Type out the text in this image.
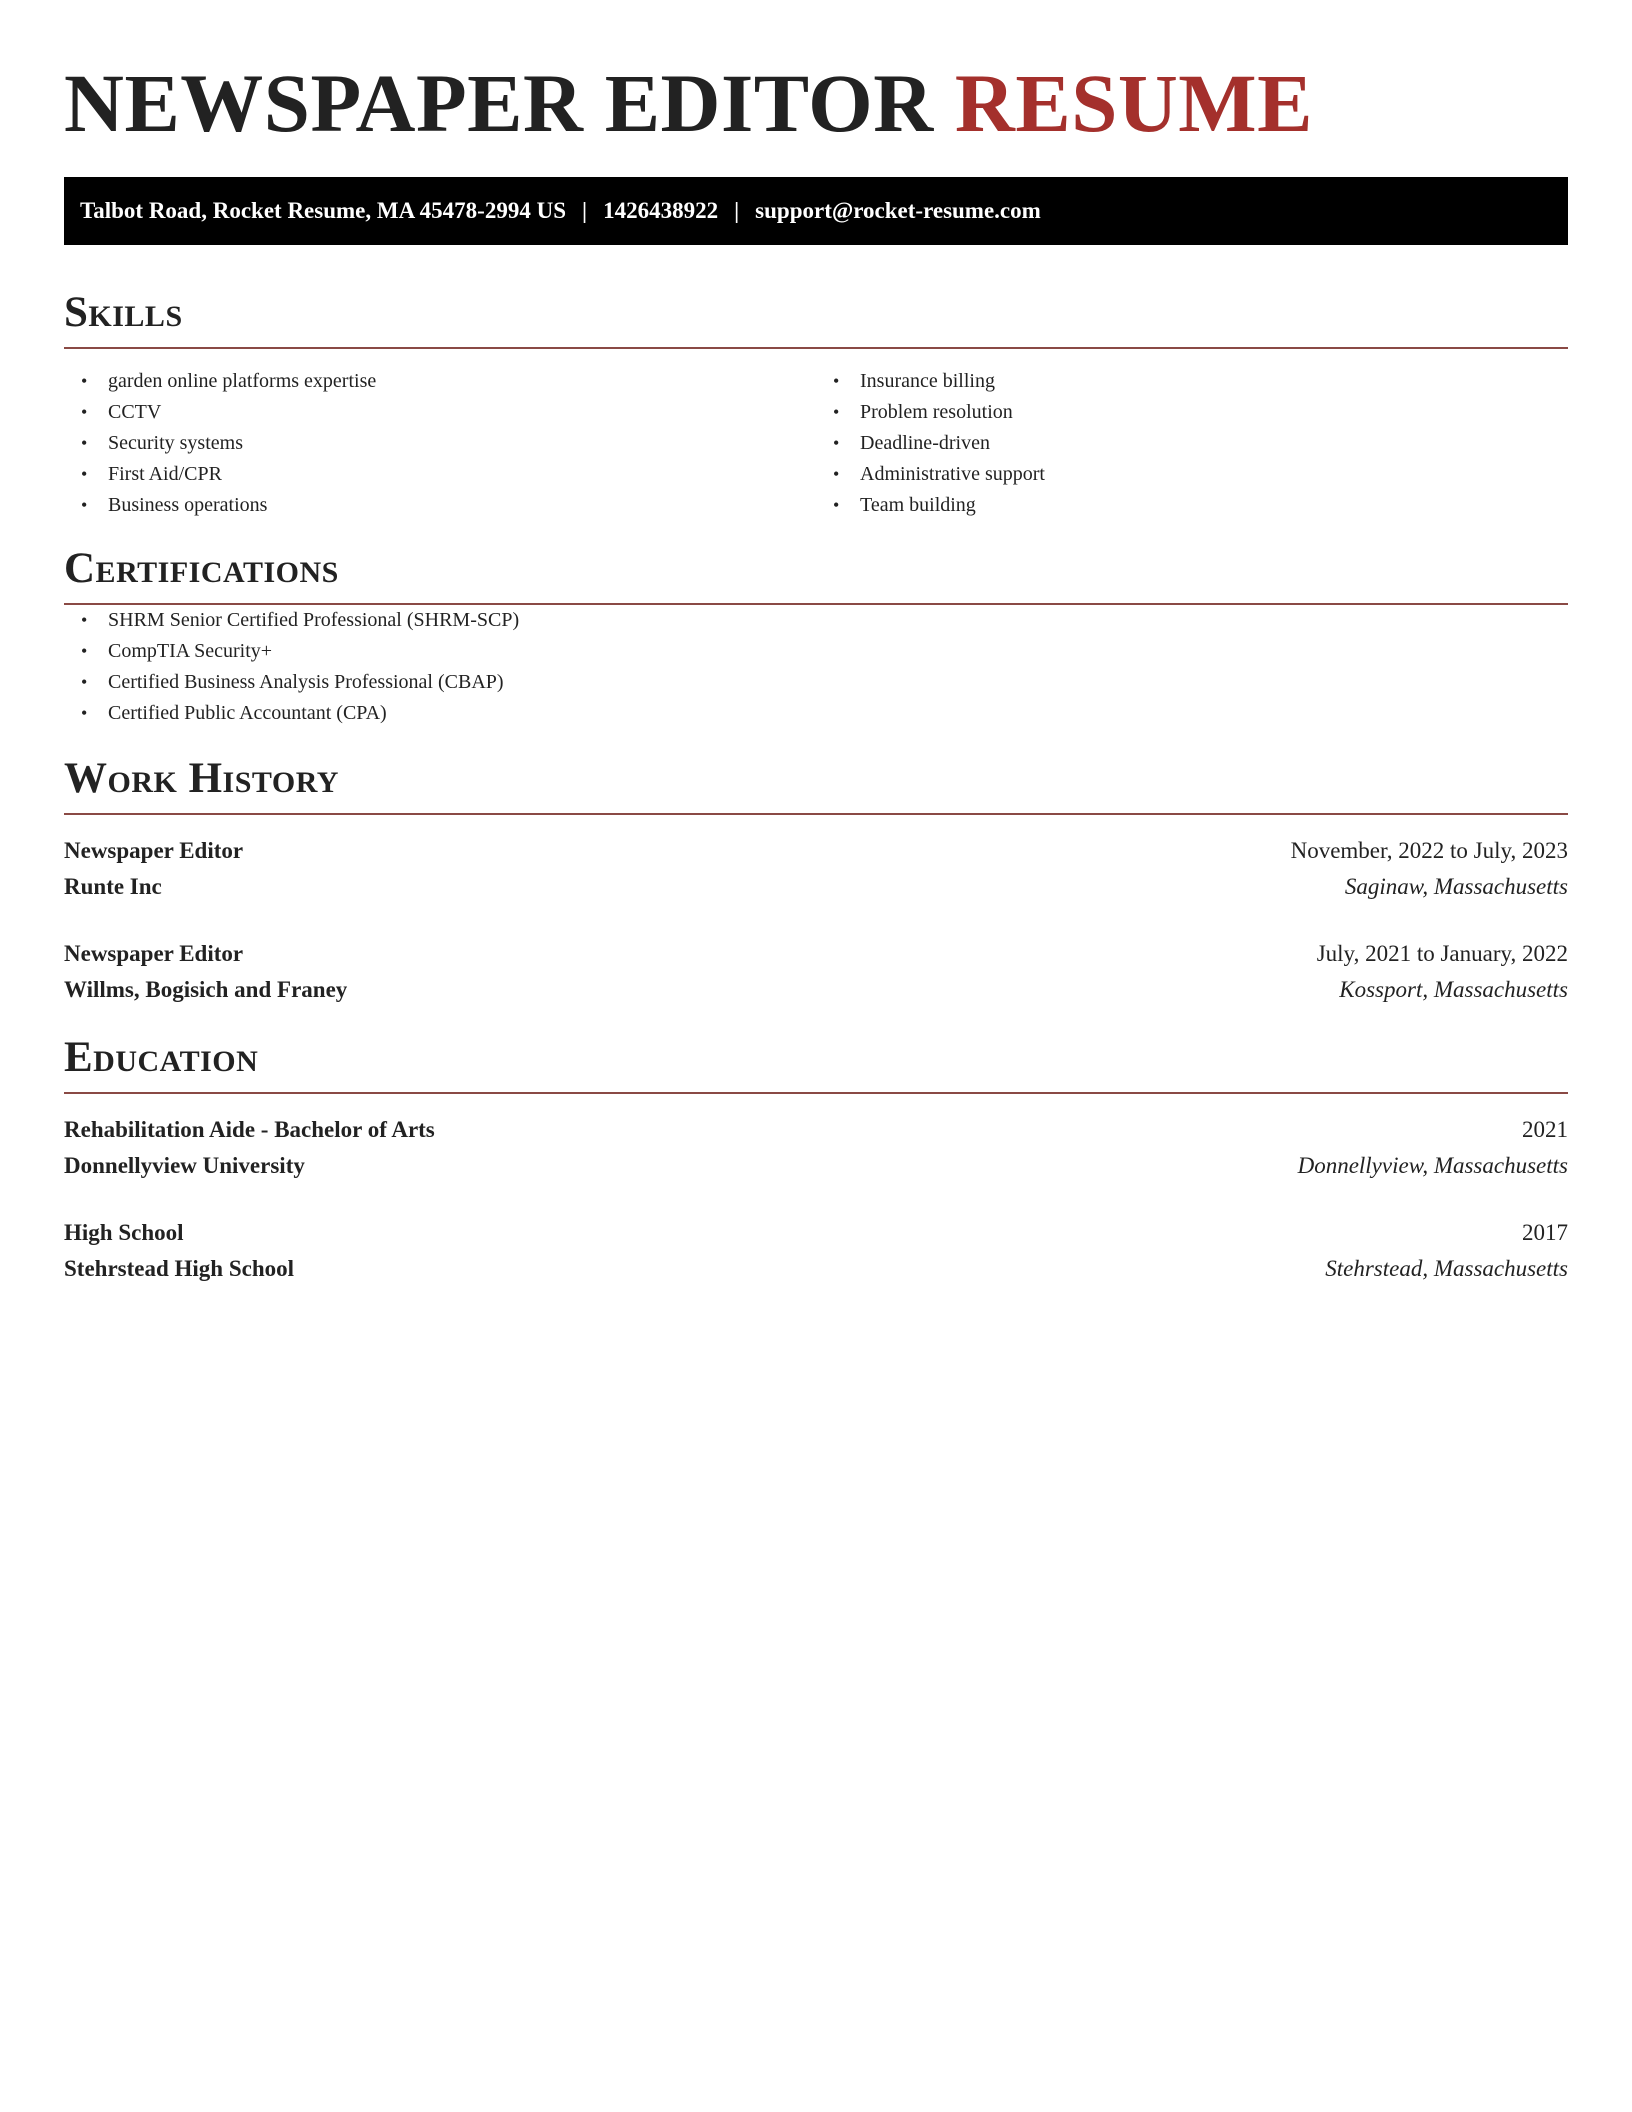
NEWSPAPER EDITOR RESUME
Talbot Road, Rocket Resume, MA 45478-2994 US | 1426438922 | support@rocket-resume.com
Skills
• garden online platforms expertise
• CCTV
• Security systems
• First Aid/CPR
• Business operations
• Insurance billing
• Problem resolution
• Deadline-driven
• Administrative support
• Team building
Certifications
• SHRM Senior Certified Professional (SHRM-SCP)
• CompTIA Security+
• Certified Business Analysis Professional (CBAP)
• Certified Public Accountant (CPA)
Work History
Newspaper Editor	November, 2022 to July, 2023
Runte Inc	Saginaw, Massachusetts
Newspaper Editor	July, 2021 to January, 2022
Willms, Bogisich and Franey	Kossport, Massachusetts
Education
Rehabilitation Aide - Bachelor of Arts	2021
Donnellyview University	Donnellyview, Massachusetts
High School	2017
Stehrstead High School	Stehrstead, Massachusetts
